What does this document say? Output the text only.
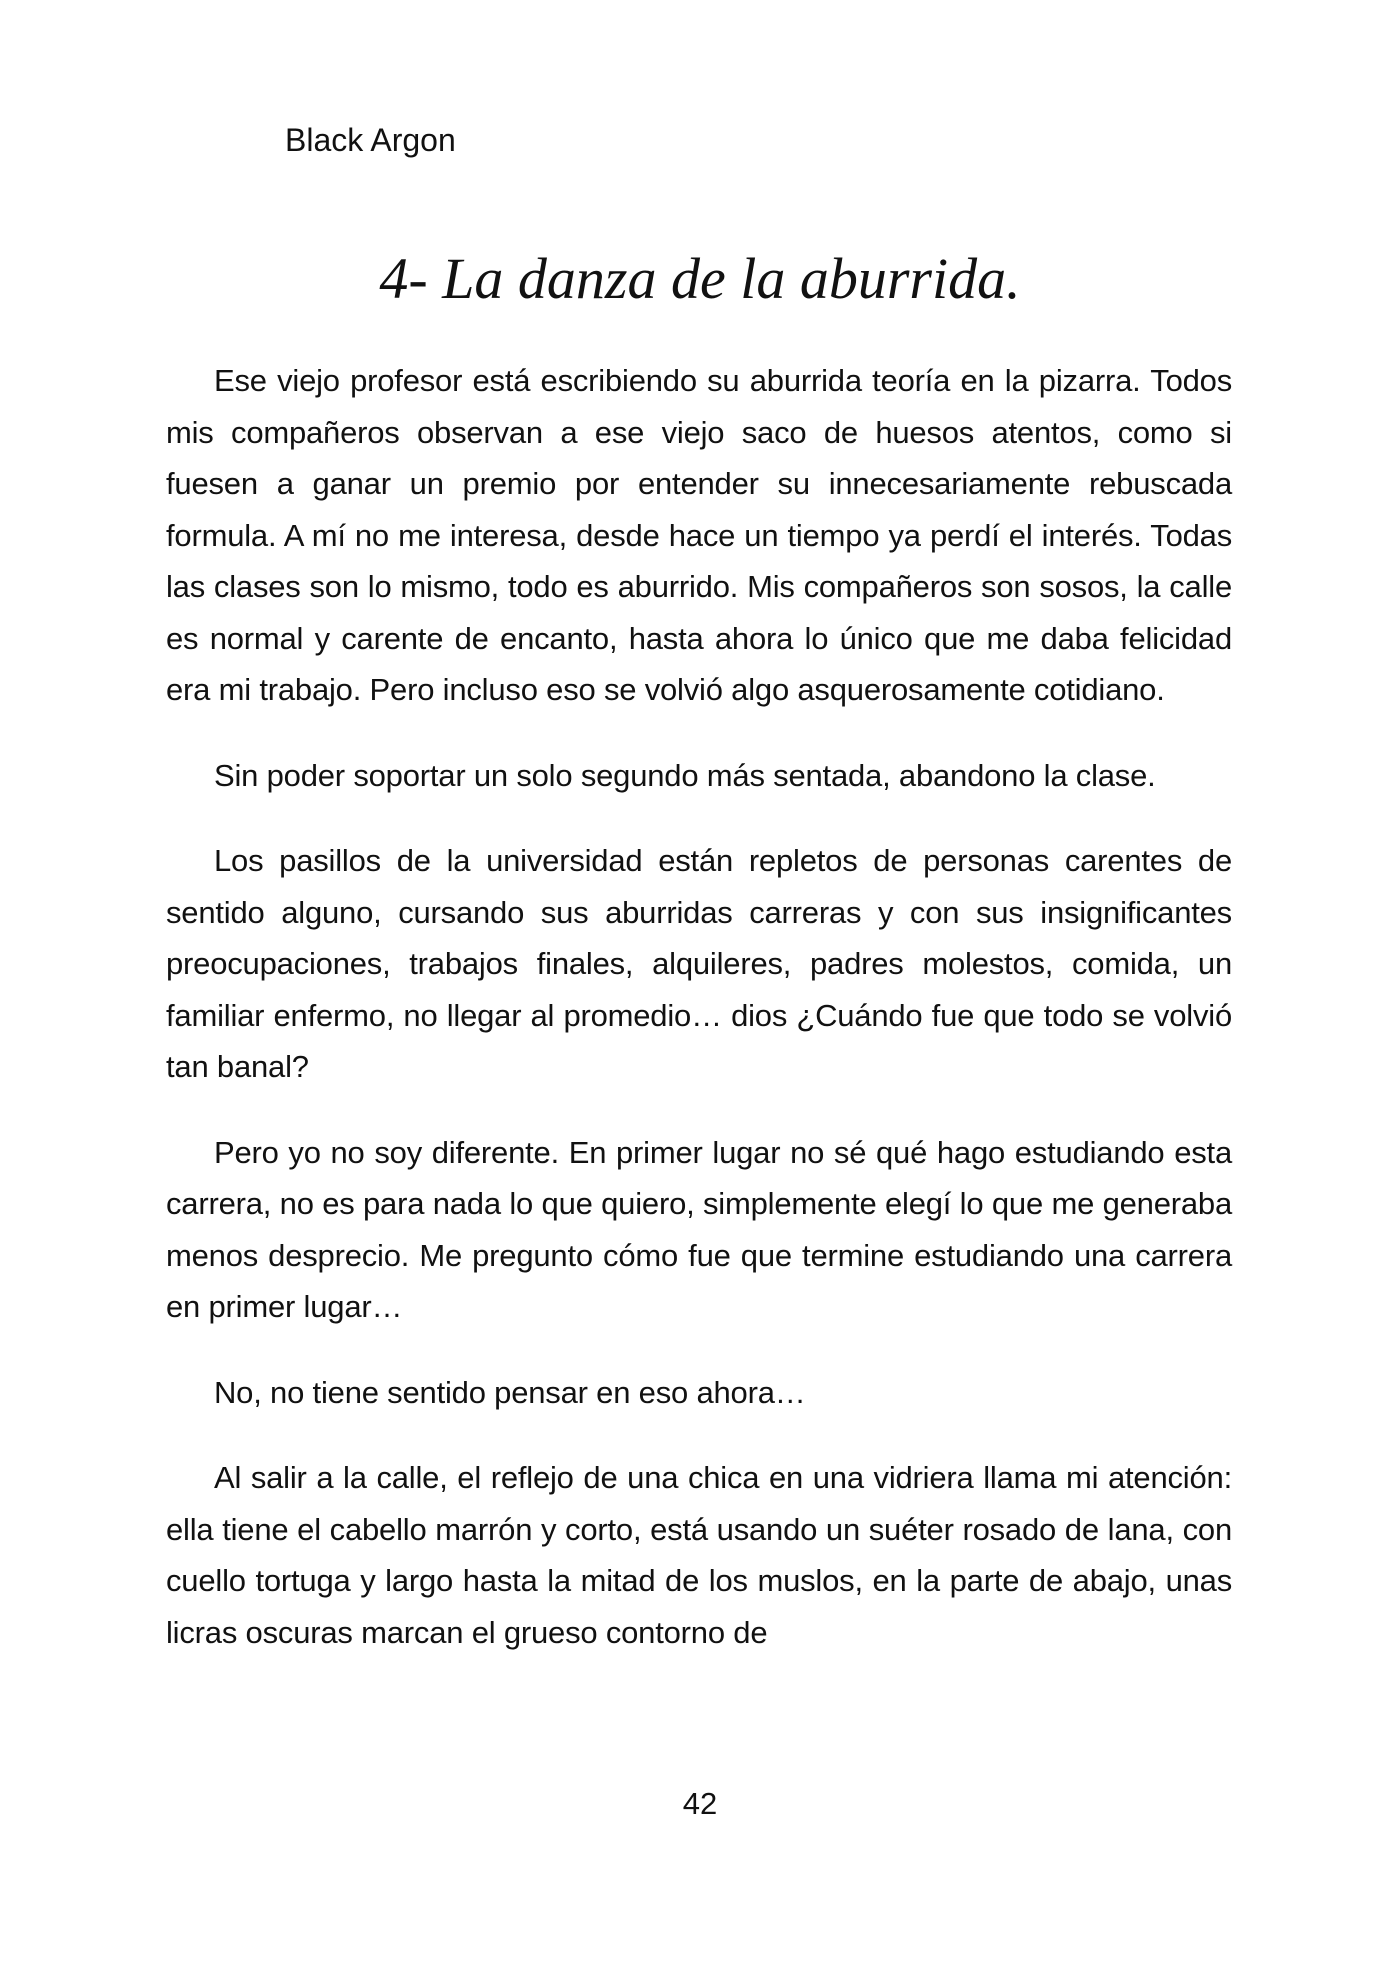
Black Argon
4- La danza de la aburrida.

Ese viejo profesor está escribiendo su aburrida teoría en la pizarra. Todos mis compañeros observan a ese viejo saco de huesos atentos, como si fuesen a ganar un premio por entender su innecesariamente rebuscada formula. A mí no me interesa, desde hace un tiempo ya perdí el interés. Todas las clases son lo mismo, todo es aburrido. Mis compañeros son sosos, la calle es normal y carente de encanto, hasta ahora lo único que me daba felicidad era mi trabajo. Pero incluso eso se volvió algo asquerosamente cotidiano.

Sin poder soportar un solo segundo más sentada, abandono la clase.

Los pasillos de la universidad están repletos de personas carentes de sentido alguno, cursando sus aburridas carreras y con sus insignificantes preocupaciones, trabajos finales, alquileres, padres molestos, comida, un familiar enfermo, no llegar al promedio… dios ¿Cuándo fue que todo se volvió tan banal?

Pero yo no soy diferente. En primer lugar no sé qué hago estudiando esta carrera, no es para nada lo que quiero, simplemente elegí lo que me generaba menos desprecio. Me pregunto cómo fue que termine estudiando una carrera en primer lugar…

No, no tiene sentido pensar en eso ahora…

Al salir a la calle, el reflejo de una chica en una vidriera llama mi atención: ella tiene el cabello marrón y corto, está usando un suéter rosado de lana, con cuello tortuga y largo hasta la mitad de los muslos, en la parte de abajo, unas licras oscuras marcan el grueso contorno de

42
